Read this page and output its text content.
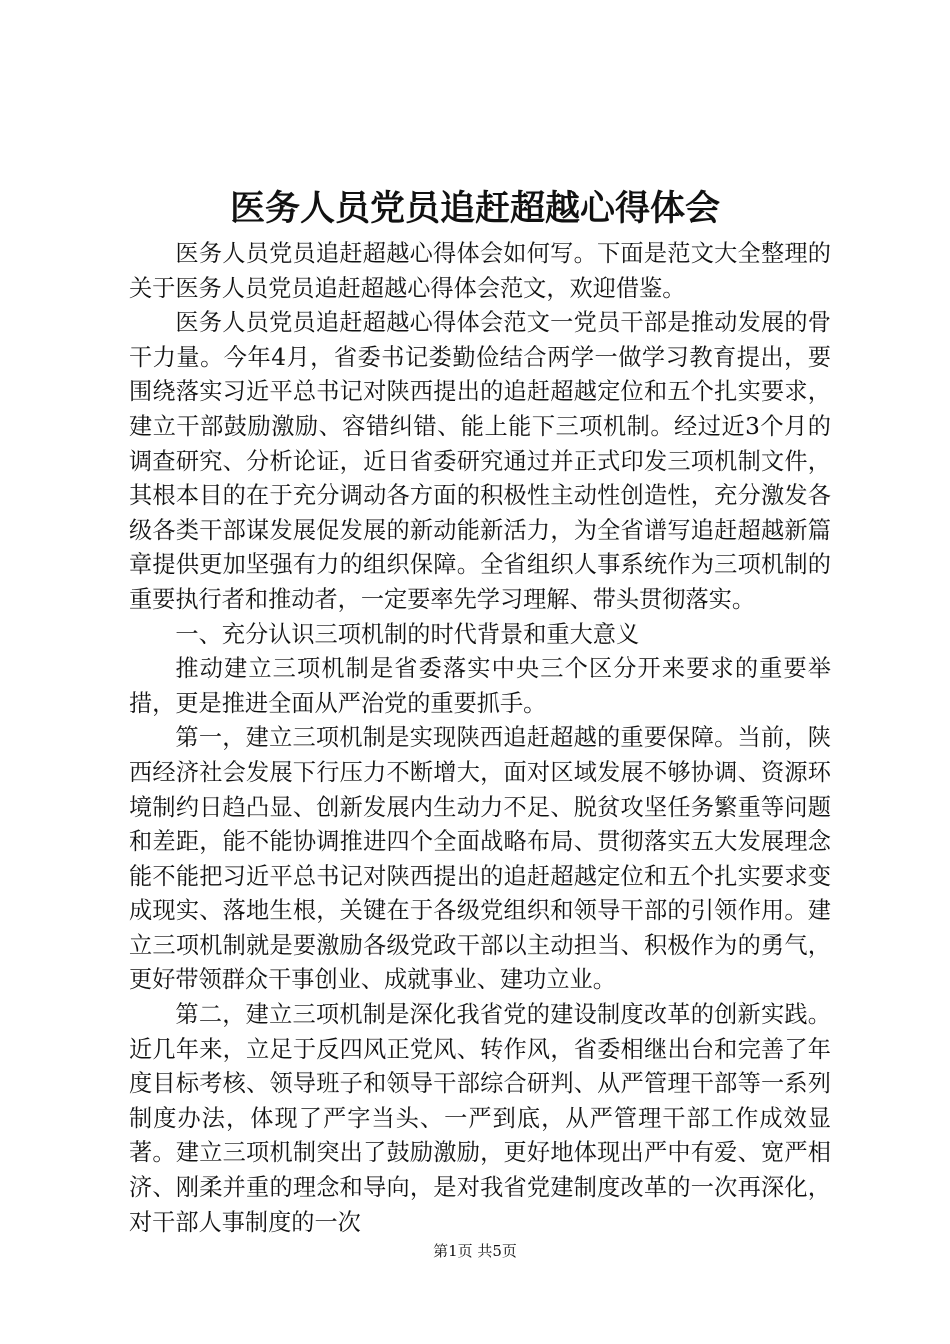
医务人员党员追赶超越心得体会

医务人员党员追赶超越心得体会如何写。下面是范文大全整理的关于医务人员党员追赶超越心得体会范文，欢迎借鉴。

医务人员党员追赶超越心得体会范文一党员干部是推动发展的骨干力量。今年4月，省委书记娄勤俭结合两学一做学习教育提出，要围绕落实习近平总书记对陕西提出的追赶超越定位和五个扎实要求，建立干部鼓励激励、容错纠错、能上能下三项机制。经过近3个月的调查研究、分析论证，近日省委研究通过并正式印发三项机制文件，其根本目的在于充分调动各方面的积极性主动性创造性，充分激发各级各类干部谋发展促发展的新动能新活力，为全省谱写追赶超越新篇章提供更加坚强有力的组织保障。全省组织人事系统作为三项机制的重要执行者和推动者，一定要率先学习理解、带头贯彻落实。

一、充分认识三项机制的时代背景和重大意义

推动建立三项机制是省委落实中央三个区分开来要求的重要举措，更是推进全面从严治党的重要抓手。

第一，建立三项机制是实现陕西追赶超越的重要保障。当前，陕西经济社会发展下行压力不断增大，面对区域发展不够协调、资源环境制约日趋凸显、创新发展内生动力不足、脱贫攻坚任务繁重等问题和差距，能不能协调推进四个全面战略布局、贯彻落实五大发展理念能不能把习近平总书记对陕西提出的追赶超越定位和五个扎实要求变成现实、落地生根，关键在于各级党组织和领导干部的引领作用。建立三项机制就是要激励各级党政干部以主动担当、积极作为的勇气，更好带领群众干事创业、成就事业、建功立业。

第二，建立三项机制是深化我省党的建设制度改革的创新实践。近几年来，立足于反四风正党风、转作风，省委相继出台和完善了年度目标考核、领导班子和领导干部综合研判、从严管理干部等一系列制度办法，体现了严字当头、一严到底，从严管理干部工作成效显著。建立三项机制突出了鼓励激励，更好地体现出严中有爱、宽严相济、刚柔并重的理念和导向，是对我省党建制度改革的一次再深化，对干部人事制度的一次

第1页 共5页
